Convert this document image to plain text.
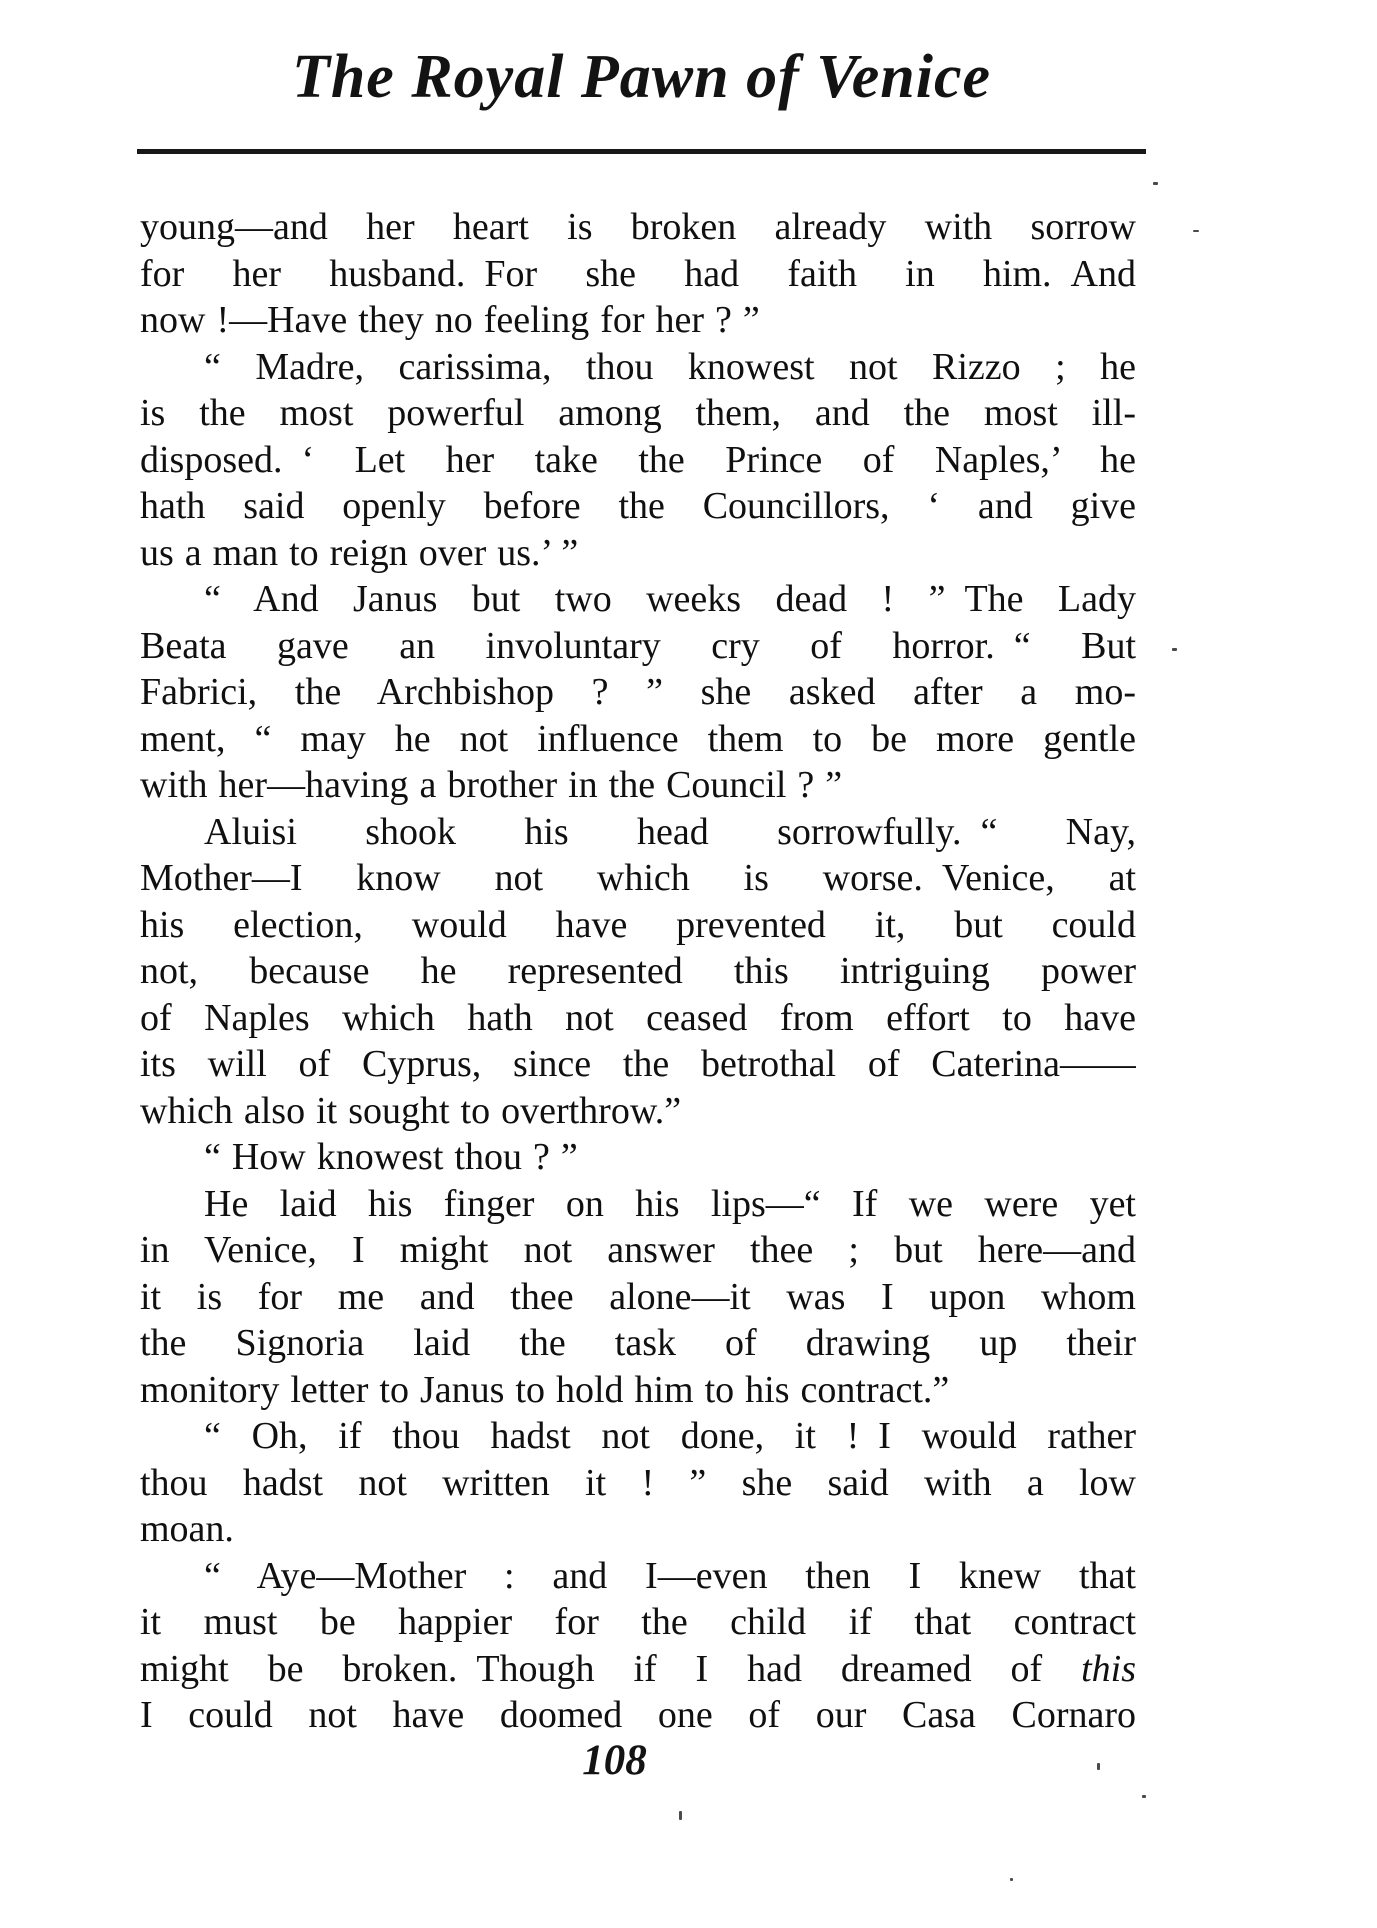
The Royal Pawn of Venice
young—and her heart is broken already with sorrow
for her husband. For she had faith in him. And
now !—Have they no feeling for her ? ”
“ Madre, carissima, thou knowest not Rizzo ; he
is the most powerful among them, and the most ill-
disposed. ‘ Let her take the Prince of Naples,’ he
hath said openly before the Councillors, ‘ and give
us a man to reign over us.’ ”
“ And Janus but two weeks dead ! ” The Lady
Beata gave an involuntary cry of horror. “ But
Fabrici, the Archbishop ? ” she asked after a mo-
ment, “ may he not influence them to be more gentle
with her—having a brother in the Council ? ”
Aluisi shook his head sorrowfully. “ Nay,
Mother—I know not which is worse. Venice, at
his election, would have prevented it, but could
not, because he represented this intriguing power
of Naples which hath not ceased from effort to have
its will of Cyprus, since the betrothal of Caterina——
which also it sought to overthrow.”
“ How knowest thou ? ”
He laid his finger on his lips—“ If we were yet
in Venice, I might not answer thee ; but here—and
it is for me and thee alone—it was I upon whom
the Signoria laid the task of drawing up their
monitory letter to Janus to hold him to his contract.”
“ Oh, if thou hadst not done, it ! I would rather
thou hadst not written it ! ” she said with a low
moan.
“ Aye—Mother : and I—even then I knew that
it must be happier for the child if that contract
might be broken. Though if I had dreamed of this
I could not have doomed one of our Casa Cornaro
108
